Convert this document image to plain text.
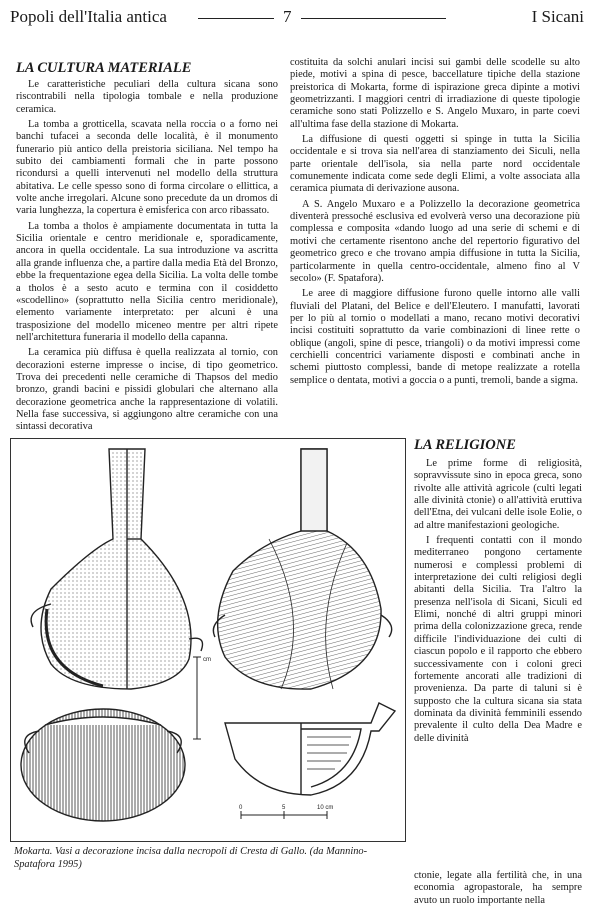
Popoli dell'Italia antica	7	I Sicani
LA CULTURA MATERIALE

Le caratteristiche peculiari della cultura sicana sono riscontrabili nella tipologia tombale e nella produzione ceramica.

La tomba a grotticella, scavata nella roccia o a forno nei banchi tufacei a seconda delle località, è il monumento funerario più antico della preistoria siciliana. Nel tempo ha subito dei cambiamenti formali che in parte possono ricondursi a quelli intervenuti nel modello della struttura abitativa. Le celle spesso sono di forma circolare o ellittica, a volte anche irregolari. Alcune sono precedute da un dromos di varia lunghezza, la copertura è emisferica con arco ribassato.

La tomba a tholos è ampiamente documentata in tutta la Sicilia orientale e centro meridionale e, sporadicamente, ancora in quella occidentale. La sua introduzione va ascritta alla grande influenza che, a partire dalla media Età del Bronzo, ebbe la frequentazione egea della Sicilia. La volta delle tombe a tholos è a sesto acuto e termina con il cosiddetto «scodellino» (soprattutto nella Sicilia centro meridionale), elemento variamente interpretato: per alcuni è una trasposizione del modello miceneo mentre per altri ripete nell'architettura funeraria il modello della capanna.

La ceramica più diffusa è quella realizzata al tornio, con decorazioni esterne impresse o incise, di tipo geometrico. Trova dei precedenti nelle ceramiche di Thapsos del medio bronzo, grandi bacini e pissidi globulari che alternano alla decorazione geometrica anche la rappresentazione di volatili. Nella fase successiva, si aggiungono altre ceramiche con una sintassi decorativa

costituita da solchi anulari incisi sui gambi delle scodelle su alto piede, motivi a spina di pesce, baccellature tipiche della stazione preistorica di Mokarta, forme di ispirazione greca dipinte a motivi geometrizzanti. I maggiori centri di irradiazione di queste tipologie ceramiche sono stati Polizzello e S. Angelo Muxaro, in parte coevi all'ultima fase della stazione di Mokarta.

La diffusione di questi oggetti si spinge in tutta la Sicilia occidentale e si trova sia nell'area di stanziamento dei Siculi, nella parte orientale dell'isola, sia nella parte nord occidentale comunemente indicata come sede degli Elimi, a volte associata alla ceramica piumata di derivazione ausona.

A S. Angelo Muxaro e a Polizzello la decorazione geometrica diventerà pressoché esclusiva ed evolverà verso una decorazione più complessa e composita «dando luogo ad una serie di schemi e di motivi che certamente risentono anche del repertorio figurativo del geometrico greco e che trovano ampia diffusione in tutta la Sicilia, particolarmente in quella centro-occidentale, almeno fino al V secolo» (F. Spatafora).

Le aree di maggiore diffusione furono quelle intorno alle valli fluviali del Platani, del Belice e dell'Eleutero. I manufatti, lavorati per lo più al tornio o modellati a mano, recano motivi decorativi incisi costituiti soprattutto da varie combinazioni di linee rette o oblique (angoli, spine di pesce, triangoli) o da motivi impressi come cerchielli concentrici variamente disposti e combinati anche in schemi piuttosto complessi, bande di metope realizzate a rotella semplice o dentata, motivi a goccia o a punti, tremoli, bande a sigma.

LA RELIGIONE

Le prime forme di religiosità, sopravvissute sino in epoca greca, sono rivolte alle attività agricole (culti legati alle divinità ctonie) o all'attività eruttiva dell'Etna, dei vulcani delle isole Eolie, o ad altre manifestazioni geologiche.

I frequenti contatti con il mondo mediterraneo pongono certamente numerosi e complessi problemi di interpretazione dei culti religiosi degli abitanti della Sicilia. Tra l'altro la presenza nell'isola di Sicani, Siculi ed Elimi, nonché di altri gruppi minori prima della colonizzazione greca, rende difficile l'individuazione dei culti di ciascun popolo e il rapporto che ebbero successivamente con i coloni greci fortemente ancorati alle tradizioni di provenienza. Da parte di taluni si è supposto che la cultura sicana sia stata dominata da divinità femminili essendo prevalente il culto della Dea Madre e delle divinità

ctonie, legate alla fertilità che, in una economia agropastorale, ha sempre avuto un ruolo importante nella

cm
0	5	10 cm
Mokarta. Vasi a decorazione incisa dalla necropoli di Cresta di Gallo. (da Mannino-Spatafora 1995)
